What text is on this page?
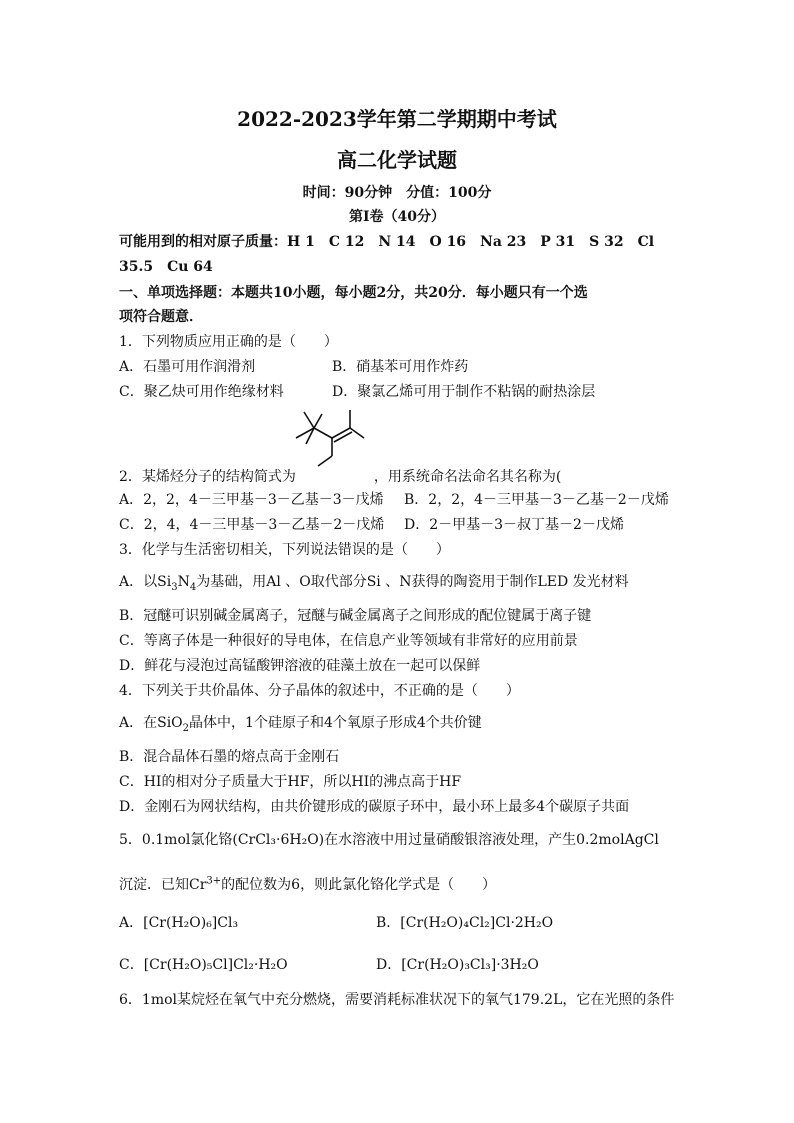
2022-2023学年第二学期期中考试
高二化学试题
时间：90分钟　分值：100分
第Ⅰ卷（40分）
可能用到的相对原子质量：H 1　C 12　N 14　O 16　Na 23　P 31　S 32　Cl
35.5　Cu 64
一、单项选择题：本题共10小题，每小题2分，共20分．每小题只有一个选
项符合题意．
1．下列物质应用正确的是（　　）
A．石墨可用作润滑剂	B．硝基苯可用作炸药
C．聚乙炔可用作绝缘材料	D．聚氯乙烯可用于制作不粘锅的耐热涂层
2．某烯烃分子的结构简式为	，用系统命名法命名其名称为(
A．2，2，4－三甲基－3－乙基－3－戊烯 B．2，2，4－三甲基－3－乙基－2－戊烯
C．2，4，4－三甲基－3－乙基－2－戊烯 D．2－甲基－3－叔丁基－2－戊烯
3．化学与生活密切相关，下列说法错误的是（　　）
A．以$Si_3N_4$为基础，用Al 、O取代部分Si 、N获得的陶瓷用于制作LED 发光材料
B．冠醚可识别碱金属离子，冠醚与碱金属离子之间形成的配位键属于离子键
C．等离子体是一种很好的导电体，在信息产业等领域有非常好的应用前景
D．鲜花与浸泡过高锰酸钾溶液的硅藻土放在一起可以保鲜
4．下列关于共价晶体、分子晶体的叙述中，不正确的是（　　）
A．在SiO$_2$晶体中，1个硅原子和4个氧原子形成4个共价键
B．混合晶体石墨的熔点高于金刚石
C．HI的相对分子质量大于HF，所以HI的沸点高于HF
D．金刚石为网状结构，由共价键形成的碳原子环中，最小环上最多4个碳原子共面
5．0.1mol氯化铬(CrCl₃·6H₂O)在水溶液中用过量硝酸银溶液处理，产生0.2molAgCl
沉淀．已知$Cr^{3+}$的配位数为6，则此氯化铬化学式是（　　）
A．[Cr(H₂O)₆]Cl₃	B．[Cr(H₂O)₄Cl₂]Cl·2H₂O
C．[Cr(H₂O)₅Cl]Cl₂·H₂O	D．[Cr(H₂O)₃Cl₃]·3H₂O
6．1mol某烷烃在氧气中充分燃烧，需要消耗标准状况下的氧气179.2L，它在光照的条件
